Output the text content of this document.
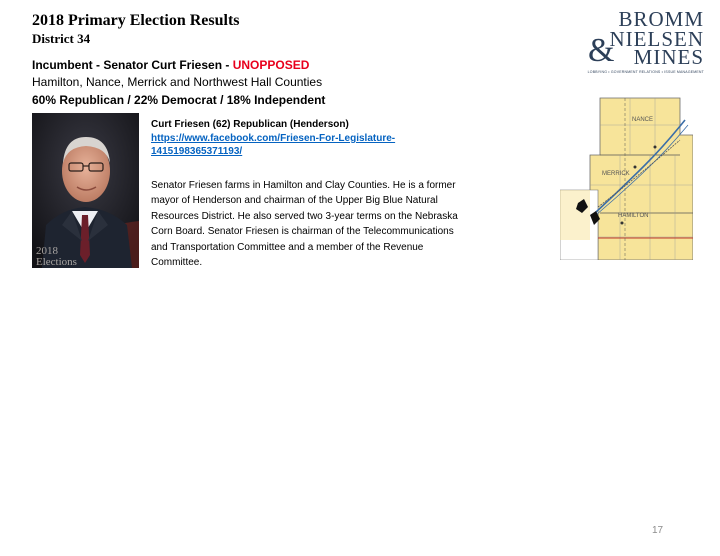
2018 Primary Election Results
District 34
BROMM
NIELSEN
& MINES
LOBBYING • GOVERNMENT RELATIONS • ISSUE MANAGEMENT
Incumbent - Senator Curt Friesen - UNOPPOSED
Hamilton, Nance, Merrick and Northwest Hall Counties
60% Republican / 22% Democrat / 18% Independent
2018
Elections
Curt Friesen (62) Republican (Henderson)
https://www.facebook.com/Friesen-For-Legislature-1415198365371193/
Senator Friesen farms in Hamilton and Clay Counties. He is a former mayor of Henderson and chairman of the Upper Big Blue Natural Resources District. He also served two 3-year terms on the Nebraska Corn Board. Senator Friesen is chairman of the Telecommunications and Transportation Committee and a member of the Revenue Committee.
NANCE
MERRICK
HAMILTON
17
